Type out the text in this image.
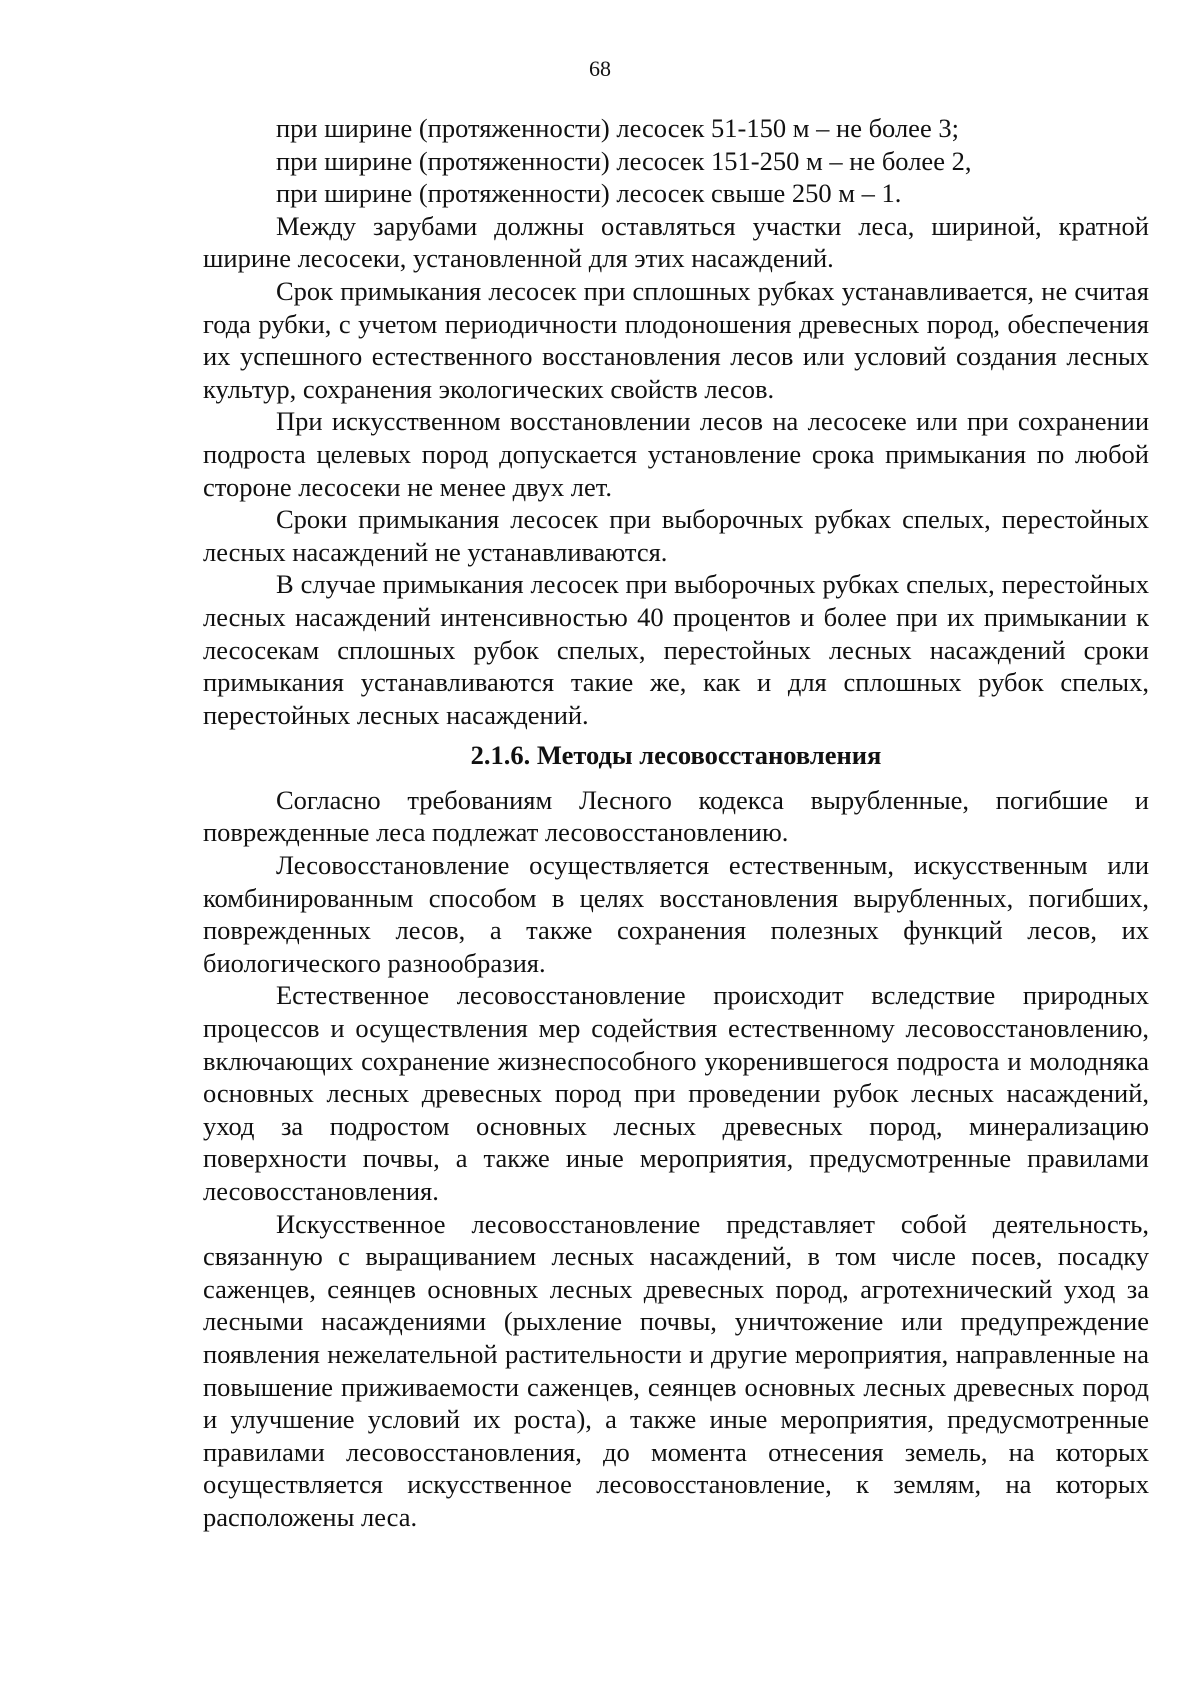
68

при ширине (протяженности) лесосек 51-150 м – не более 3;

при ширине (протяженности) лесосек 151-250 м – не более 2,

при ширине (протяженности) лесосек свыше 250 м – 1.

Между зарубами должны оставляться участки леса, шириной, кратной ширине лесосеки, установленной для этих насаждений.

Срок примыкания лесосек при сплошных рубках устанавливается, не считая года рубки, с учетом периодичности плодоношения древесных пород, обеспечения их успешного естественного восстановления лесов или условий создания лесных культур, сохранения экологических свойств лесов.

При искусственном восстановлении лесов на лесосеке или при сохранении подроста целевых пород допускается установление срока примыкания по любой стороне лесосеки не менее двух лет.

Сроки примыкания лесосек при выборочных рубках спелых, перестойных лесных насаждений не устанавливаются.

В случае примыкания лесосек при выборочных рубках спелых, перестойных лесных насаждений интенсивностью 40 процентов и более при их примыкании к лесосекам сплошных рубок спелых, перестойных лесных насаждений сроки примыкания устанавливаются такие же, как и для сплошных рубок спелых, перестойных лесных насаждений.

2.1.6. Методы лесовосстановления

Согласно требованиям Лесного кодекса вырубленные, погибшие и поврежденные леса подлежат лесовосстановлению.

Лесовосстановление осуществляется естественным, искусственным или комбинированным способом в целях восстановления вырубленных, погибших, поврежденных лесов, а также сохранения полезных функций лесов, их биологического разнообразия.

Естественное лесовосстановление происходит вследствие природных процессов и осуществления мер содействия естественному лесовосстановлению, включающих сохранение жизнеспособного укоренившегося подроста и молодняка основных лесных древесных пород при проведении рубок лесных насаждений, уход за подростом основных лесных древесных пород, минерализацию поверхности почвы, а также иные мероприятия, предусмотренные правилами лесовосстановления.

Искусственное лесовосстановление представляет собой деятельность, связанную с выращиванием лесных насаждений, в том числе посев, посадку саженцев, сеянцев основных лесных древесных пород, агротехнический уход за лесными насаждениями (рыхление почвы, уничтожение или предупреждение появления нежелательной растительности и другие мероприятия, направленные на повышение приживаемости саженцев, сеянцев основных лесных древесных пород и улучшение условий их роста), а также иные мероприятия, предусмотренные правилами лесовосстановления, до момента отнесения земель, на которых осуществляется искусственное лесовосстановление, к землям, на которых расположены леса.
